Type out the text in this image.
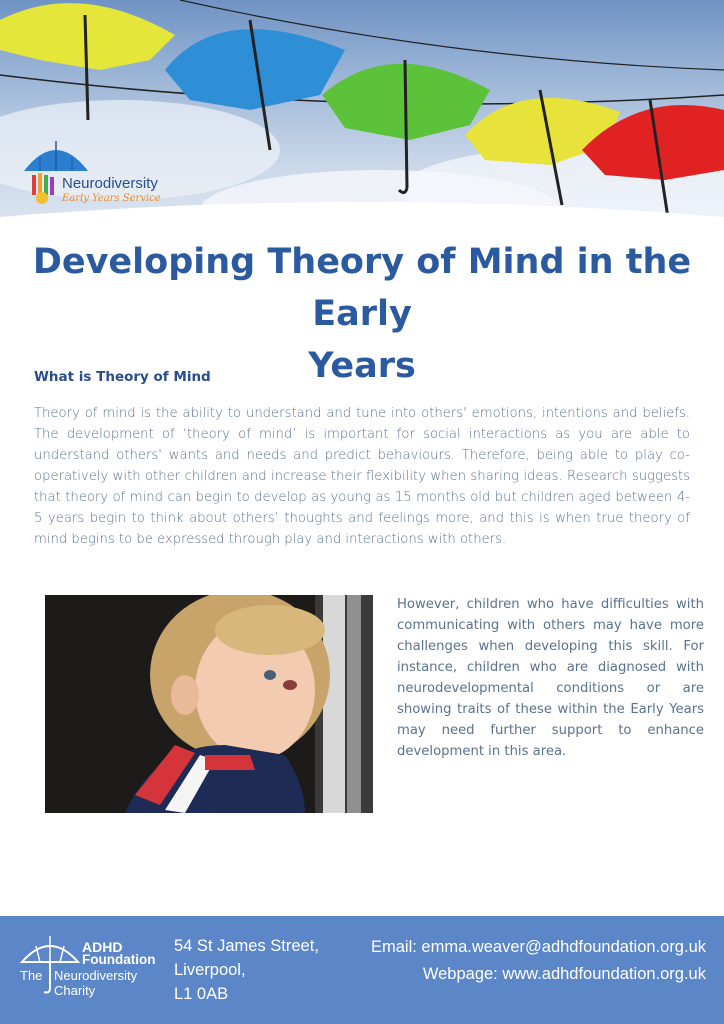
Neurodiversity
Early Years Service
Developing Theory of Mind in the Early
Years
What is Theory of Mind

Theory of mind is the ability to understand and tune into others' emotions, intentions and beliefs. The development of ‘theory of mind’ is important for social interactions as you are able to understand others' wants and needs and predict behaviours. Therefore, being able to play co-operatively with other children and increase their flexibility when sharing ideas. Research suggests that theory of mind can begin to develop as young as 15 months old but children aged between 4-5 years begin to think about others’ thoughts and feelings more, and this is when true theory of mind begins to be expressed through play and interactions with others.

However, children who have difficulties with communicating with others may have more challenges when developing this skill. For instance, children who are diagnosed with neurodevelopmental conditions or are showing traits of these within the Early Years may need further support to enhance development in this area.

ADHD
Foundation
The Neurodiversity
Charity
54 St James Street,
Liverpool,
L1 0AB
Email: emma.weaver@adhdfoundation.org.uk
Webpage: www.adhdfoundation.org.uk
